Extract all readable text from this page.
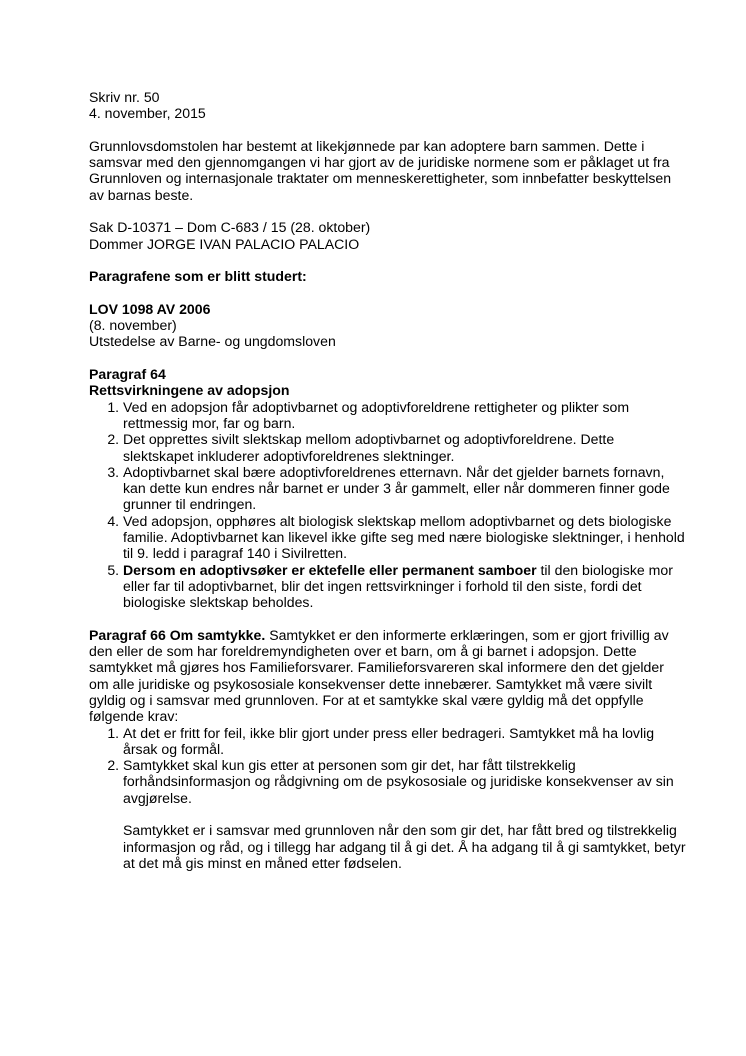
Skriv nr. 50

4. november, 2015

Grunnlovsdomstolen har bestemt at likekjønnede par kan adoptere barn sammen. Dette i samsvar med den gjennomgangen vi har gjort av de juridiske normene som er påklaget ut fra Grunnloven og internasjonale traktater om menneskerettigheter, som innbefatter beskyttelsen av barnas beste.

Sak D-10371 – Dom C-683 / 15 (28. oktober)

Dommer JORGE IVAN PALACIO PALACIO

Paragrafene som er blitt studert:

LOV 1098 AV 2006

(8. november)

Utstedelse av Barne- og ungdomsloven

Paragraf 64

Rettsvirkningene av adopsjon

1. Ved en adopsjon får adoptivbarnet og adoptivforeldrene rettigheter og plikter som rettmessig mor, far og barn.
2. Det opprettes sivilt slektskap mellom adoptivbarnet og adoptivforeldrene. Dette slektskapet inkluderer adoptivforeldrenes slektninger.
3. Adoptivbarnet skal bære adoptivforeldrenes etternavn. Når det gjelder barnets fornavn, kan dette kun endres når barnet er under 3 år gammelt, eller når dommeren finner gode grunner til endringen.
4. Ved adopsjon, opphøres alt biologisk slektskap mellom adoptivbarnet og dets biologiske familie. Adoptivbarnet kan likevel ikke gifte seg med nære biologiske slektninger, i henhold til 9. ledd i paragraf 140 i Sivilretten.
5. Dersom en adoptivsøker er ektefelle eller permanent samboer til den biologiske mor eller far til adoptivbarnet, blir det ingen rettsvirkninger i forhold til den siste, fordi det biologiske slektskap beholdes.

Paragraf 66 Om samtykke. Samtykket er den informerte erklæringen, som er gjort frivillig av den eller de som har foreldremyndigheten over et barn, om å gi barnet i adopsjon. Dette samtykket må gjøres hos Familieforsvarer. Familieforsvareren skal informere den det gjelder om alle juridiske og psykososiale konsekvenser dette innebærer. Samtykket må være sivilt gyldig og i samsvar med grunnloven. For at et samtykke skal være gyldig må det oppfylle følgende krav:

1. At det er fritt for feil, ikke blir gjort under press eller bedrageri. Samtykket må ha lovlig årsak og formål.
2. Samtykket skal kun gis etter at personen som gir det, har fått tilstrekkelig forhåndsinformasjon og rådgivning om de psykososiale og juridiske konsekvenser av sin avgjørelse.

Samtykket er i samsvar med grunnloven når den som gir det, har fått bred og tilstrekkelig informasjon og råd, og i tillegg har adgang til å gi det. Å ha adgang til å gi samtykket, betyr at det må gis minst en måned etter fødselen.
